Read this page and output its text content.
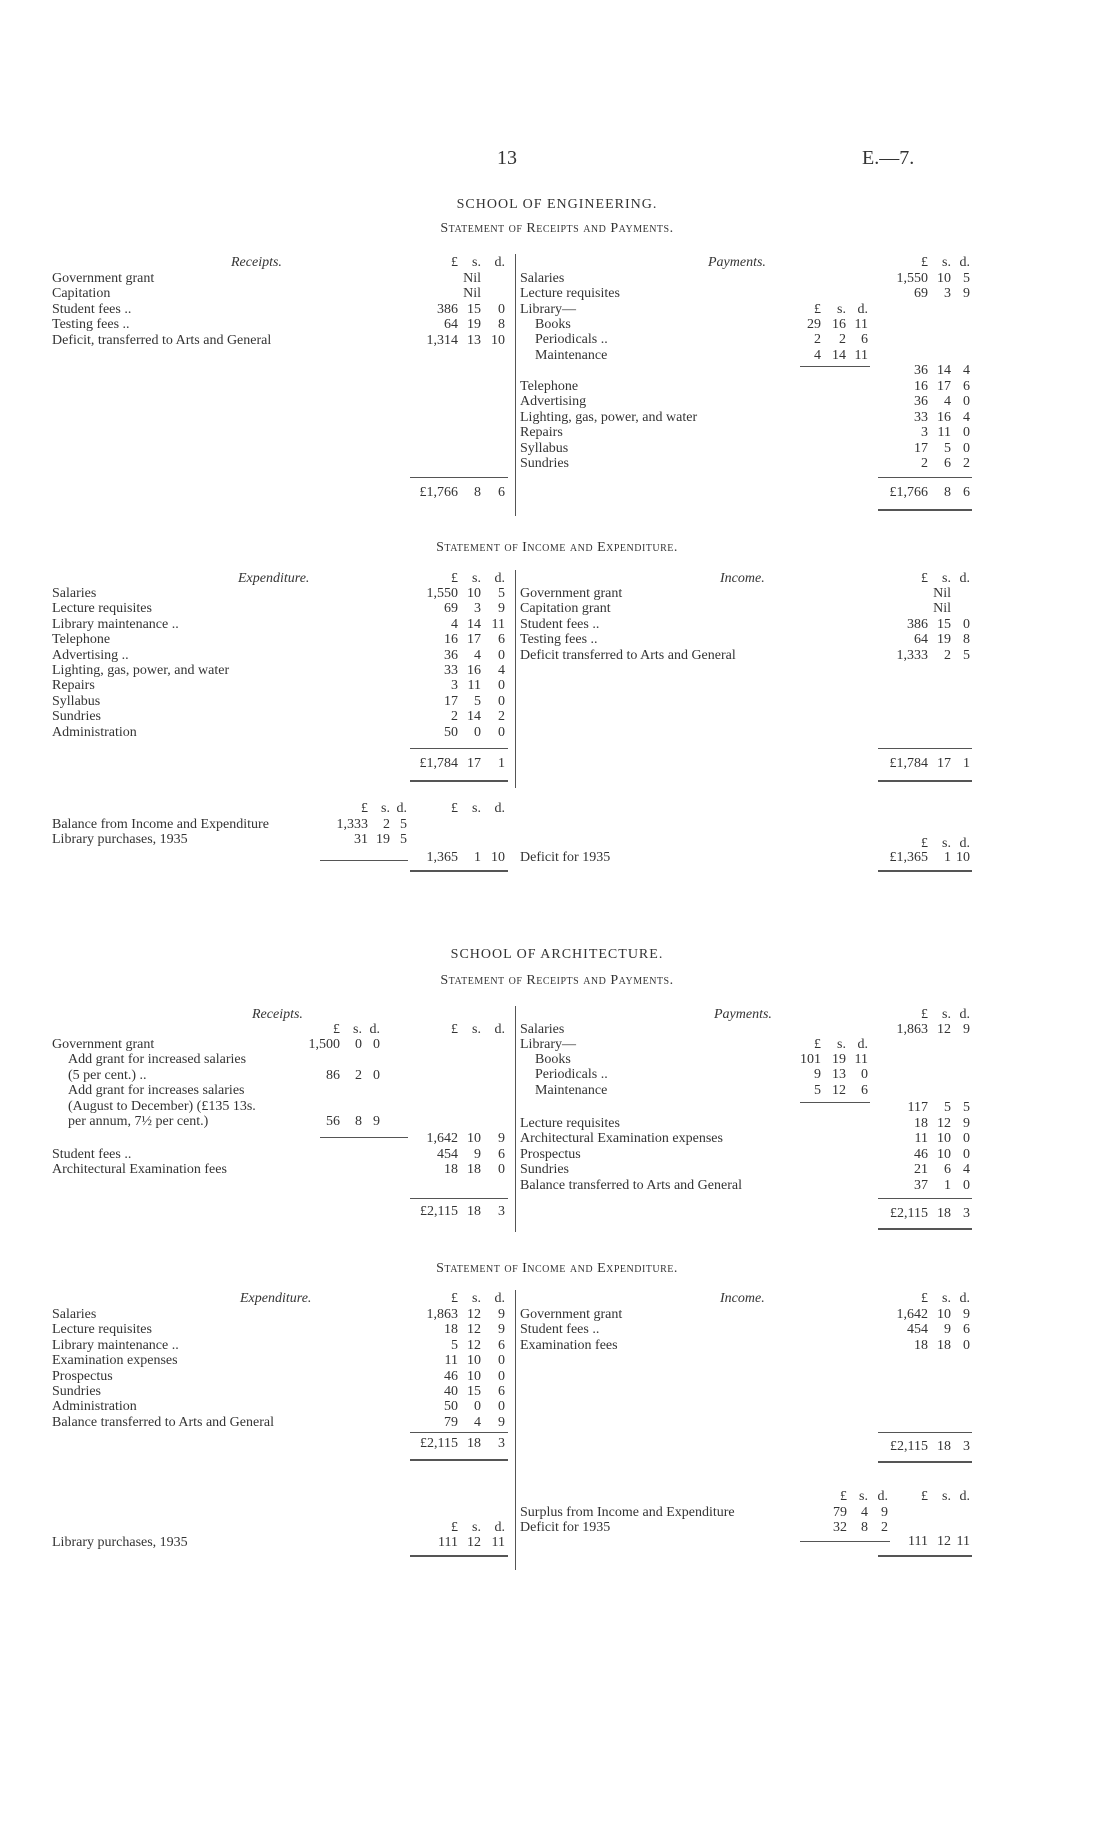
13	E.—7.
SCHOOL OF ENGINEERING.
Statement of Receipts and Payments.
Receipts.	£ s. d.	Payments.	£ s. d.
Government grant	Nil
Capitation	Nil
Student fees ..	386 15 0
Testing fees ..	64 19 8
Deficit, transferred to Arts and General	1,314 13 10
Salaries	1,550 10 5
Lecture requisites	69 3 9
Library—	£ s. d.
Books	29 16 11
Periodicals ..	2 2 6
Maintenance	4 14 11
36 14 4
Telephone	16 17 6
Advertising	36 4 0
Lighting, gas, power, and water	33 16 4
Repairs	3 11 0
Syllabus	17 5 0
Sundries	2 6 2
£1,766 8 6	£1,766 8 6
Statement of Income and Expenditure.
Expenditure.	£ s. d.	Income.	£ s. d.
Salaries	1,550 10 5
Lecture requisites	69 3 9
Library maintenance ..	4 14 11
Telephone	16 17 6
Advertising ..	36 4 0
Lighting, gas, power, and water	33 16 4
Repairs	3 11 0
Syllabus	17 5 0
Sundries	2 14 2
Administration	50 0 0
Government grant	Nil
Capitation grant	Nil
Student fees ..	386 15 0
Testing fees ..	64 19 8
Deficit transferred to Arts and General	1,333 2 5
£1,784 17 1	£1,784 17 1
£ s. d.	£ s. d.
Balance from Income and Expenditure	1,333 2 5
Library purchases, 1935	31 19 5
1,365 1 10
£ s. d.
Deficit for 1935	£1,365 1 10
SCHOOL OF ARCHITECTURE.
Statement of Receipts and Payments.
Receipts.	Payments.
£ s. d.	£ s. d.
£ s. d.
Government grant	1,500 0 0
Add grant for increased salaries
(5 per cent.) ..	86 2 0
Add grant for increases salaries
(August to December) (£135 13s.
per annum, 7½ per cent.)	56 8 9
1,642 10 9
Student fees ..	454 9 6
Architectural Examination fees	18 18 0
Salaries	1,863 12 9
Library—	£ s. d.
Books	101 19 11
Periodicals ..	9 13 0
Maintenance	5 12 6
117 5 5
Lecture requisites	18 12 9
Architectural Examination expenses	11 10 0
Prospectus	46 10 0
Sundries	21 6 4
Balance transferred to Arts and General	37 1 0
£2,115 18 3	£2,115 18 3
Statement of Income and Expenditure.
Expenditure.	£ s. d.	Income.	£ s. d.
Salaries	1,863 12 9
Lecture requisites	18 12 9
Library maintenance ..	5 12 6
Examination expenses	11 10 0
Prospectus	46 10 0
Sundries	40 15 6
Administration	50 0 0
Balance transferred to Arts and General	79 4 9
Government grant	1,642 10 9
Student fees ..	454 9 6
Examination fees	18 18 0
£2,115 18 3	£2,115 18 3
£ s. d. £ s. d.
Surplus from Income and Expenditure	79 4 9
Deficit for 1935	32 8 2
111 12 11
£ s. d.
Library purchases, 1935	111 12 11
